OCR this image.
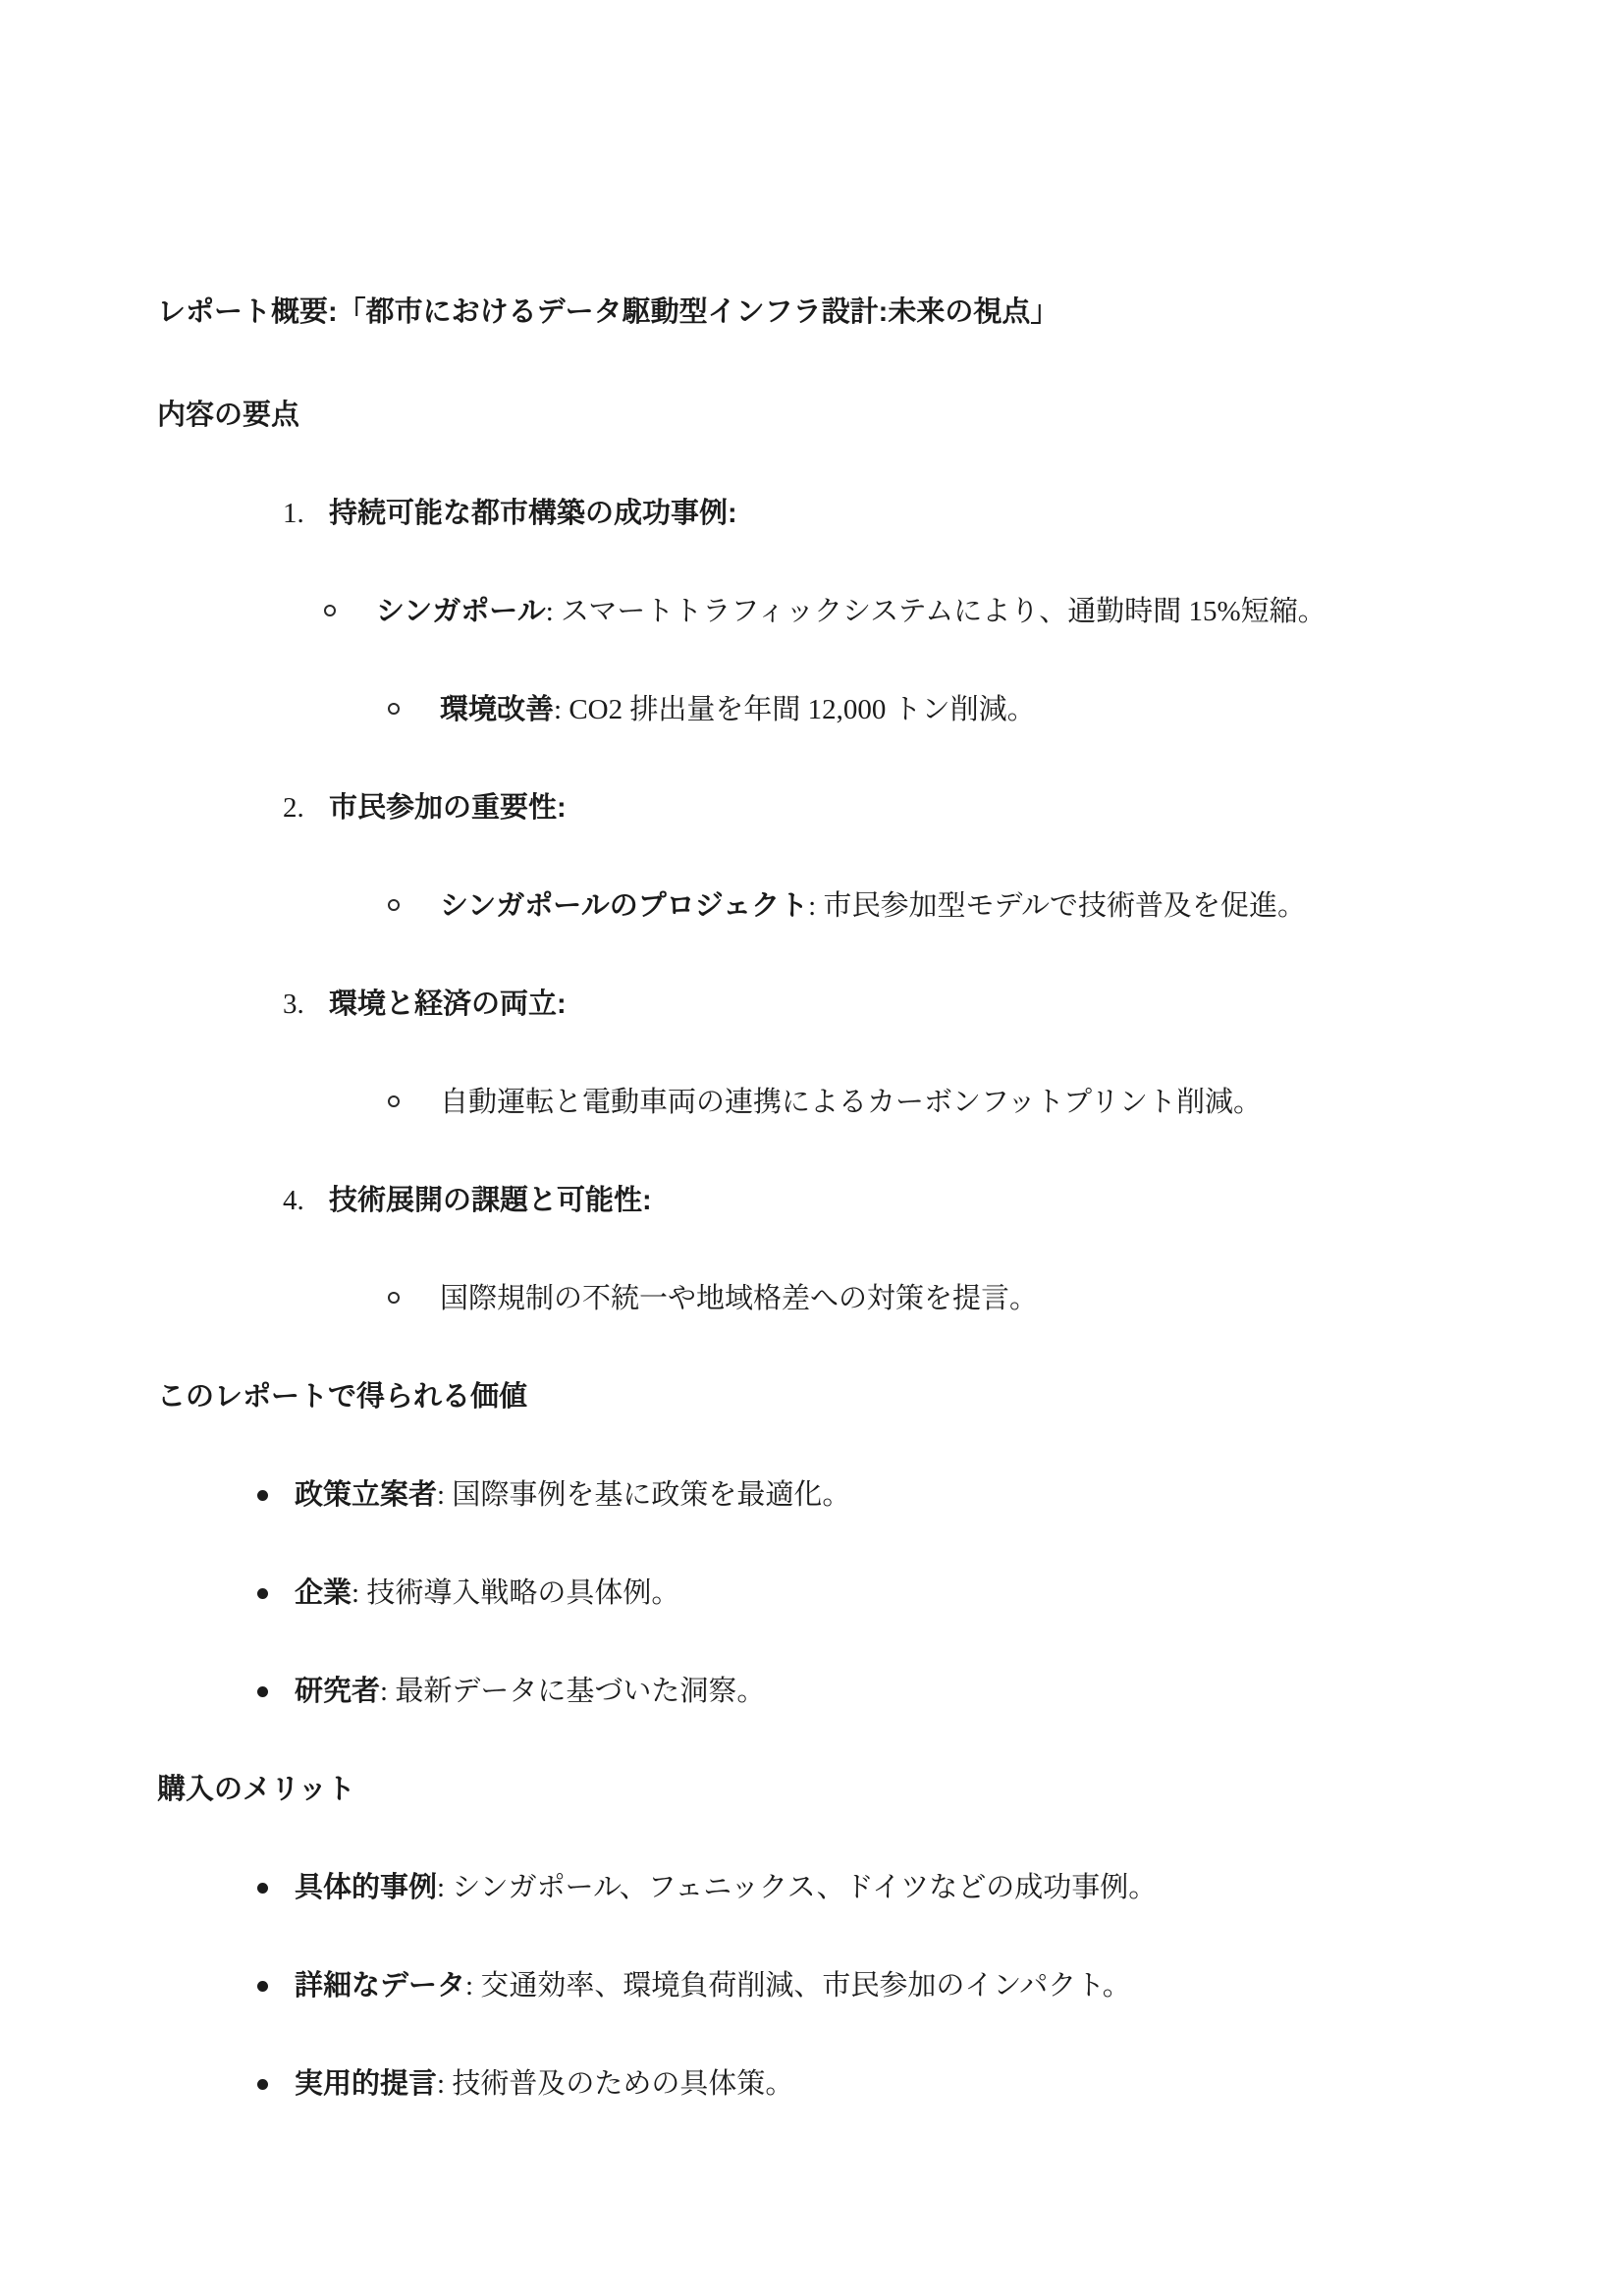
レポート概要:「都市におけるデータ駆動型インフラ設計:未来の視点」
内容の要点
1. 持続可能な都市構築の成功事例:
シンガポール: スマートトラフィックシステムにより、通勤時間 15%短縮。
環境改善: CO2 排出量を年間 12,000 トン削減。
2. 市民参加の重要性:
シンガポールのプロジェクト: 市民参加型モデルで技術普及を促進。
3. 環境と経済の両立:
自動運転と電動車両の連携によるカーボンフットプリント削減。
4. 技術展開の課題と可能性:
国際規制の不統一や地域格差への対策を提言。
このレポートで得られる価値
政策立案者: 国際事例を基に政策を最適化。
企業: 技術導入戦略の具体例。
研究者: 最新データに基づいた洞察。
購入のメリット
具体的事例: シンガポール、フェニックス、ドイツなどの成功事例。
詳細なデータ: 交通効率、環境負荷削減、市民参加のインパクト。
実用的提言: 技術普及のための具体策。
